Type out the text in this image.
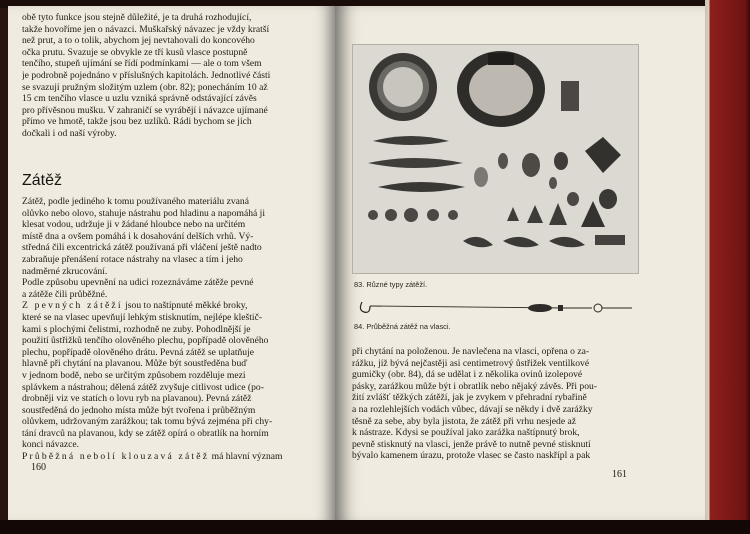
obě tyto funkce jsou stejně důležité, je ta druhá rozhodující,
takže hovoříme jen o návazci. Muškařský návazec je vždy kratší
než prut, a to o tolik, abychom jej nevtahovali do koncového
očka prutu. Svazuje se obvykle ze tří kusů vlasce postupně
tenčího, stupeň ujímání se řídí podmínkami — ale o tom všem
je podrobně pojednáno v příslušných kapitolách. Jednotlivé části
se svazují pružným složitým uzlem (obr. 82); ponecháním 10 až
15 cm tenčího vlasce u uzlu vzniká správně odstávající závěs
pro přívěsnou mušku. V zahraničí se vyrábějí i návazce ujímané
přímo ve hmotě, takže jsou bez uzlíků. Rádi bychom se jich
dočkali i od naší výroby.
Zátěž
Zátěž, podle jediného k tomu používaného materiálu zvaná
olůvko nebo olovo, stahuje nástrahu pod hladinu a napomáhá ji
klesat vodou, udržuje ji v žádané hloubce nebo na určitém
místě dna a ovšem pomáhá i k dosahování delších vrhů. Vý-
středná čili excentrická zátěž používaná při vláčení ještě nadto
zabraňuje přenášení rotace nástrahy na vlasec a tím i jeho
nadměrné zkrucování.
Podle způsobu upevnění na udici rozeznáváme zátěže pevné
a zátěže čili průběžné.
Z pevných zátěží jsou to naštípnuté měkké broky,
které se na vlasec upevňují lehkým stisknutím, nejlépe kleštič-
kami s plochými čelistmi, rozhodně ne zuby. Pohodlnější je
použití ůstřižků tenčího olověného plechu, popřípadě olověného
plechu, popřípadě olověného drátu. Pevná zátěž se uplatňuje
hlavně při chytání na plavanou. Může být soustředěna buď
v jednom bodě, nebo se určitým způsobem rozděluje mezi
splávkem a nástrahou; dělená zátěž zvyšuje citlivost udice (po-
drobněji viz ve statích o lovu ryb na plavanou). Pevná zátěž
soustředěná do jednoho místa může být tvořena i průběžným
olůvkem, udržovaným zarážkou; tak tomu bývá zejména při chy-
tání dravců na plavanou, kdy se zátěž opírá o obratlík na horním
konci návazce.
Průběžná nebolí klouzavá zátěž má hlavní význam
160
83. Různé typy zátěží.
84. Průběžná zátěž na vlasci.
při chytání na položenou. Je navlečena na vlasci, opřena o za-
rážku, jíž bývá nejčastěji asi centimetrový ůstřižek ventilkové
gumičky (obr. 84), dá se udělat i z několika ovinů izolepové
pásky, zarážkou může být i obratlík nebo nějaký závěs. Při pou-
žití zvlášť těžkých zátěží, jak je zvykem v přehradní rybařině
a na rozlehlejších vodách vůbec, dávají se někdy i dvě zarážky
těsně za sebe, aby byla jistota, že zátěž při vrhu nesjede až
k nástraze. Kdysi se používal jako zarážka naštípnutý brok,
pevně stisknutý na vlasci, jenže právě to nutně pevné stisknutí
bývalo kamenem úrazu, protože vlasec se často naskřípl a pak
161
